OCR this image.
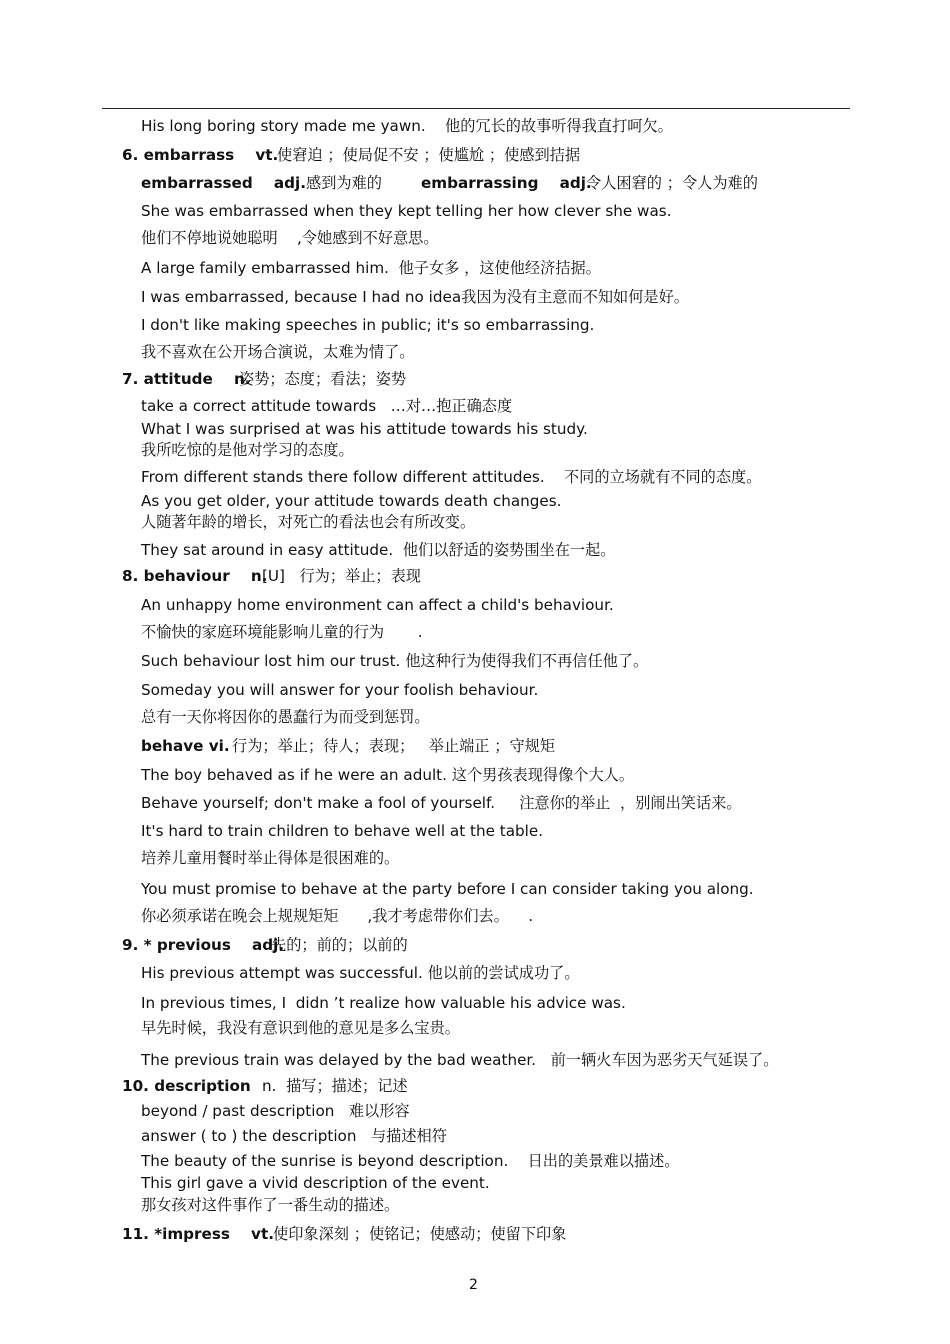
His long boring story made me yawn.    他的冗长的故事听得我直打呵欠。
6. embarrass    vt.
使窘迫 ；使局促不安 ；使尴尬 ；使感到拮据
embarrassed    adj. 感到为难的	embarrassing    adj.
令人困窘的 ；令人为难的
She was embarrassed when they kept telling her how clever she was.
他们不停地说她聪明    ,令她感到不好意思。
A large family embarrassed him.  他子女多 ，这使他经济拮据。
I was embarrassed, because I had no idea我因为没有主意而不知如何是好。
I don't like making speeches in public; it's so embarrassing.
我不喜欢在公开场合演说，太难为情了。
7. attitude    n.
姿势；态度；看法；姿势
take a correct attitude towards   …对…抱正确态度
What I was surprised at was his attitude towards his study.
我所吃惊的是他对学习的态度。
From different stands there follow different attitudes.    不同的立场就有不同的态度。
As you get older, your attitude towards death changes.
人随著年龄的增长，对死亡的看法也会有所改变。
They sat around in easy attitude.  他们以舒适的姿势围坐在一起。
8. behaviour    n.
[U]   行为；举止；表现
An unhappy home environment can affect a child's behaviour.
不愉快的家庭环境能影响儿童的行为       .
Such behaviour lost him our trust. 他这种行为使得我们不再信任他了。
Someday you will answer for your foolish behaviour.
总有一天你将因你的愚蠢行为而受到惩罚。
behave vi. 行为；举止；待人；表现；   举止端正 ；守规矩
The boy behaved as if he were an adult. 这个男孩表现得像个大人。
Behave yourself; don't make a fool of yourself.     注意你的举止  ，别闹出笑话来。
It's hard to train children to behave well at the table.
培养儿童用餐时举止得体是很困难的。
You must promise to behave at the party before I can consider taking you along.
你必须承诺在晚会上规规矩矩      ,我才考虑带你们去。    .
9. * previous    adj.
先的；前的；以前的
His previous attempt was successful. 他以前的尝试成功了。
In previous times, I  didn ’t realize how valuable his advice was.
早先时候，我没有意识到他的意见是多么宝贵。
The previous train was delayed by the bad weather.   前一辆火车因为恶劣天气延误了。
10. description n.  描写；描述；记述
beyond / past description   难以形容
answer ( to ) the description   与描述相符
The beauty of the sunrise is beyond description.    日出的美景难以描述。
This girl gave a vivid description of the event.
那女孩对这件事作了一番生动的描述。
11. *impress    vt. 使印象深刻 ；使铭记；使感动；使留下印象
2
